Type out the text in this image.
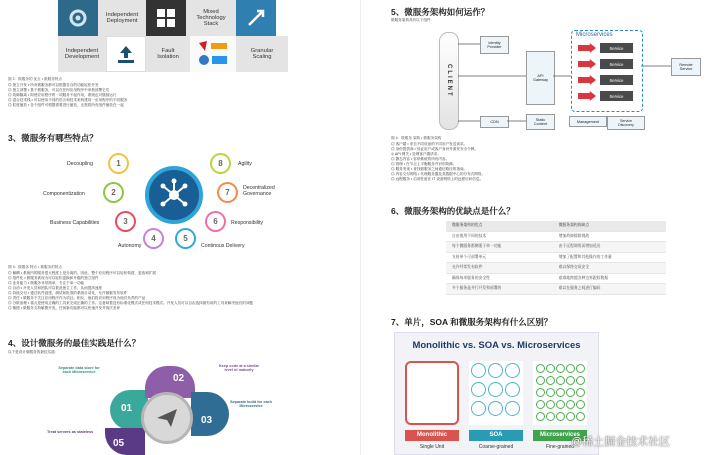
Independent
Deployment
Mixed
Technology
Stack
Independent
Development
Fault
Isolation
Granular
Scaling
图 2：微服务的 优点 • 微服务特点
◎ 独立开发 • 所有微服务都可以根据各自的功能轻松开发
◎ 独立部署 • 基于微服务，可以在任何应用程序中单独部署它们
◎ 故障隔离 • 即使应用程序的一项服务不起作用，系统也可继续运行
◎ 混合技术栈 • 可以使用不同的语言和技术来构建同一应用程序的不同服务
◎ 粒度缩放 • 各个组件可根据需要进行缩放，无需将所有组件缩放在一起
3、微服务有哪些特点？
1
Decoupling
2
Componentization
3
Business Capabilities
4
Autonomy
5
Continous Delivery
6	Responsibility
7	Decentralized
Governance
8	Agility
图 3：微服务 特点 • 微服务的特点
◎ 解耦 • 系统内的服务很大程度上是分离的。因此，整个应用程序可以轻松构建，更改和扩展
◎ 组件化 • 微服务被视为可以轻松更换和升级的独立组件
◎ 业务能力 • 微服务非常简单，专注于单一功能
◎ 自治 • 开发人员和团队可以彼此独立工作，从而提高速度
◎ 持续交付 • 通过软件创建，测试和批准的系统自动化，允许频繁发布软件
◎ 责任 • 微服务不关注应用程序作为项目。相反，他们将应用程序视为他们负责的产品
◎ 分散治理 • 重点是使用正确的工具来完成正确的工作。这意味着没有标准化模式或任何技术模式。开发人员可以自由选择最有用的工具来解决他们的问题
◎ 敏捷 • 微服务支持敏捷开发。任何新功能都可以快速开发并再次丢弃
4、设计微服务的最佳实践是什么？
以下是设计微服务的最佳实践：
01
02
03
05
Separate data store for
each Microservice
Keep code at a similar
level of maturity
Separate build for each
Microservice
Treat servers as stateless
5、微服务架构如何运作？
微服务架构具有以下组件：
CLIENT
Identity
Provider
API
Gateway
Static
Content
CDN
Microservices
Service
Service
Service
Service
Remote
Service
Management	Service
Discovery
图 4：微服务 架构 • 微服务架构
◎ 客户端 • 来自不同设备的不同用户发送请求。
◎ 身份提供商 • 验证用户或客户身份并颁发安全令牌。
◎ API 网关 • 处理客户端请求。
◎ 静态内容 • 容纳系统的所有内容。
◎ 管理 • 在节点上平衡服务并识别故障。
◎ 服务发现 • 查找微服务之间通信路径的指南。
◎ 内容交付网络 • 代理服务器及其数据中心的分布式网络。
◎ 远程服务 • 启用驻留在 IT 设备网络上的远程访问信息。
6、微服务架构的优缺点是什么？
微服务架构的优点	微服务架构的缺点
自由使用不同的技术	增加故障排除挑战
每个微服务都侧重于单一功能	由于远程调用而增加延迟
支持单个可部署单元	增加了配置和其他操作的工作量
允许经常发布软件	难以保持交易安全
确保每项服务的安全性	艰难地跨越各种边界跟踪数据
多个服务是并行开发和部署的	难以在服务之间进行编码
7、单片，SOA 和微服务架构有什么区别？
Monolithic vs. SOA vs. Microservices
Monolithic	SOA	Microservices
Single Unit	Coarse-grained	Fine-grained
@稀土掘金技术社区
